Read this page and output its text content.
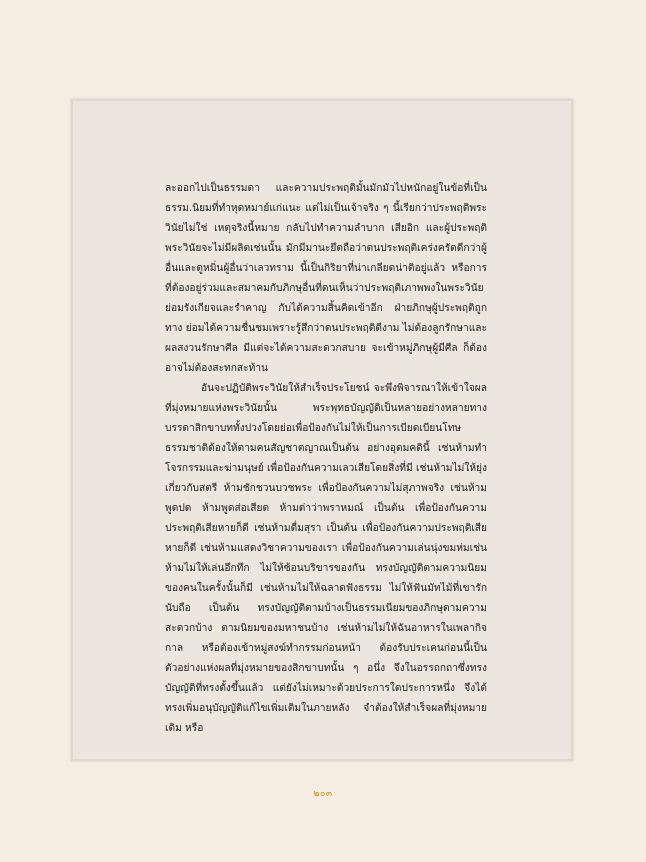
ละออกไปเป็นธรรมดา และความประพฤติมั้นมักมัวไปหนักอยู่ในข้อที่เป็นธรรม.นิยมที่ทำหุดหมาย์แก่แนะ แต่ไม่เป็นเจ้าจริง ๆ นี้เรียกว่าประพฤติพระวินัยไม่ใช่ เหตุจริงนี้หมาย กลับไปทำความลำบาก เสียอิก และผู้ประพฤติพระวินัยจะไม่มีผลิตเช่นนั้น มักมีมานะยึดถือว่าดนประพฤติเคร่งครัดดีกว่าผู้อื่นและดูหมิ่นผู้อื่นว่าเลวทราม นี้เป็นกิริยาที่น่าเกลียดน่าติอยู่แล้ว หรือการที่ต้องอยู่ร่วมและสมาคมกับภิกษุอื่นที่ดนเห็นว่าประพฤติเภาพพงในพระวินัย ย่อมรังเกียจและรำคาญ กับได้ความสิ้นคิดเข้าอีก ฝ่ายภิกษุผู้ประพฤติถูกทาง ย่อมได้ความชื่นชมเพราะรู้สึกว่าดนประพฤติดีงาม ไม่ต้องลูกรักษาและผลสงวนรักษาศีล มีแต่จะได้ความสะดวกสบาย จะเข้าหมู่ภิกษุผู้มีศีล ก็ต้องอาจไม่ต้องสะทกสะท้าน

อันจะปฏิบัติพระวินัยให้สำเร็จประโยชน์ จะพึงพิจารณาให้เข้าใจผลที่มุ่งหมายแห่งพระวินัยนั้น พระพุทธบัญญัติเป็นหลายอย่างหลายทาง บรรดาสิกขาบททั้งปวงโดยย่อเพื่อป้องกันไม่ให้เป็นการเบียดเบียนโทษ ธรรมชาติต้องให้ตามคนสัญชาตญาณเป็นต้น อย่างอุดมคตินี้ เช่นห้ามทำโจรกรรมและฆ่ามนุษย์ เพื่อป้องกันความเลวเสียโดยสิ่งที่มี เช่นห้ามไม่ให้ยุ่งเกี่ยวกับสตรี ห้ามชักชวนบวชพระ เพื่อป้องกันความไม่สุภาพจริง เช่นห้ามพูดปด ห้ามพูดส่อเสียด ห้ามด่าว่าพราหมณ์ เป็นต้น เพื่อป้องกันความประพฤติเสียหายก็ดี เช่นห้ามดื่มสุรา เป็นต้น เพื่อป้องกันความประพฤติเสียหายก็ดี เช่นห้ามแสดงวิชาความของเรา เพื่อป้องกันความเล่นนุ่งขมห่มเช่น ห้ามไม่ให้เล่นอึกทึก ไม่ให้ซ้อนบริขารของกัน ทรงบัญญัติตามความนิยมของคนในครั้งนั้นก็มี เช่นห้ามไม่ให้ฉลาดฟังธรรม ไม่ให้ฟันมัทไม้ที่เขารักนับถือ เป็นต้น ทรงบัญญัติตามบ้างเป็นธรรมเนียมของภิกษุตามความสะดวกบ้าง ตามนิยมของมหาชนบ้าง เช่นห้ามไม่ให้ฉันอาหารในเพลากิจกาล หรือต้องเข้าหมู่สงฆ์ทำกรรมก่อนหน้า ต้องรับประเคนก่อนนี้เป็นตัวอย่างแห่งผลที่มุ่งหมายของสิกขาบทนั้น ๆ อนึ่ง จึงในอรรถกถาซึ่งทรงบัญญัติที่ทรงตั้งขึ้นแล้ว แต่ยังไม่เหมาะด้วยประการใดประการหนึ่ง จึงได้ทรงเพิ่มอนุบัญญัติแก้ไขเพิ่มเติมในภายหลัง จำต้องให้สำเร็จผลที่มุ่งหมายเดิม หรือ

๒๐๓
